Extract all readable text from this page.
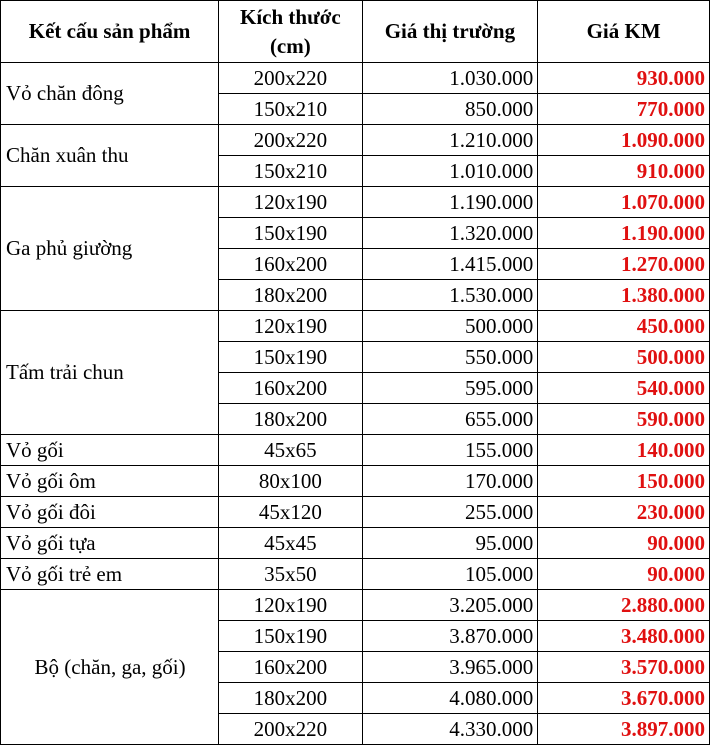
Kết cấu sản phẩm	Kích thước (cm)	Giá thị trường	Giá KM
Vỏ chăn đông	200x220	1.030.000	930.000
	150x210	850.000	770.000
Chăn xuân thu	200x220	1.210.000	1.090.000
	150x210	1.010.000	910.000
Ga phủ giường	120x190	1.190.000	1.070.000
	150x190	1.320.000	1.190.000
	160x200	1.415.000	1.270.000
	180x200	1.530.000	1.380.000
Tấm trải chun	120x190	500.000	450.000
	150x190	550.000	500.000
	160x200	595.000	540.000
	180x200	655.000	590.000
Vỏ gối	45x65	155.000	140.000
Vỏ gối ôm	80x100	170.000	150.000
Vỏ gối đôi	45x120	255.000	230.000
Vỏ gối tựa	45x45	95.000	90.000
Vỏ gối trẻ em	35x50	105.000	90.000
Bộ (chăn, ga, gối)	120x190	3.205.000	2.880.000
	150x190	3.870.000	3.480.000
	160x200	3.965.000	3.570.000
	180x200	4.080.000	3.670.000
	200x220	4.330.000	3.897.000
